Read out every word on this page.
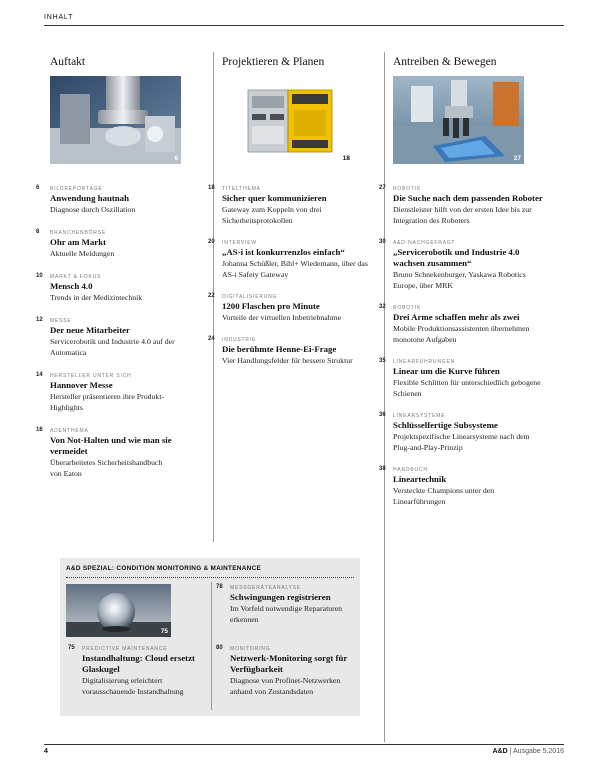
INHALT
Auftakt
6
6 BILDREPORTAGE
Anwendung hautnah
Diagnose durch Oszillation
8 BRANCHENBÖRSE
Ohr am Markt
Aktuelle Meldungen
10 MARKT & FOKUS
Mensch 4.0
Trends in der Medizintechnik
12 MESSE
Der neue Mitarbeiter
Servicerobotik und Industrie 4.0 auf der Automatica
14 HERSTELLER UNTER SICH
Hannover Messe
Hersteller präsentieren ihre Produkt-Highlights
16 ADENTHEMA
Von Not-Halten und wie man sie vermeidet
Überarbeitetes Sicherheitshandbuch von Eaton
Projektieren & Planen
18
18 TITELTHEMA
Sicher quer kommunizieren
Gateway zum Koppeln von drei Sicherheitsprotokollen
20 INTERVIEW
„AS-i ist konkurrenzlos einfach“
Johanna Schüßler, Bihl+ Wiedemann, über das AS-i Safety Gateway
22 DIGITALISIERUNG
1200 Flaschen pro Minute
Vorteile der virtuellen Inbetriebnahme
24 INDUSTRIE
Die berühmte Henne-Ei-Frage
Vier Handlungsfelder für bessere Struktur
Antreiben & Bewegen
27
27 ROBOTIK
Die Suche nach dem passenden Roboter
Dienstleister hilft von der ersten Idee bis zur Integration des Roboters
30 A&D-NACHGEFRAGT
„Servicerobotik und Industrie 4.0 wachsen zusammen“
Bruno Schnekenburger, Yaskawa Robotics Europe, über MRK
32 ROBOTIK
Drei Arme schaffen mehr als zwei
Mobile Produktionsassistenten übernehmen monotone Aufgaben
35 LINEARFÜHRUNGEN
Linear um die Kurve führen
Flexible Schlitten für unterschiedlich gebogene Schienen
36 LINEARSYSTEME
Schlüsselfertige Subsysteme
Projektspezifische Linearsysteme nach dem Plug-and-Play-Prinzip
38 HANDBUCH
Lineartechnik
Versteckte Champions unter den Linearführungen
A&D SPEZIAL: CONDITION MONITORING & MAINTENANCE
75
78 MESSGERÄTEANALYSE
Schwingungen registrieren
Im Vorfeld notwendige Reparaturen erkennen
75 PREDICTIVE MAINTENANCE
Instandhaltung: Cloud ersetzt Glaskugel
Digitalisierung erleichtert vorausschauende Instandhaltung
80 MONITORING
Netzwerk-Monitoring sorgt für Verfügbarkeit
Diagnose von Profinet-Netzwerken anhand von Zustandsdaten
4	A&D | Ausgabe 5.2016
